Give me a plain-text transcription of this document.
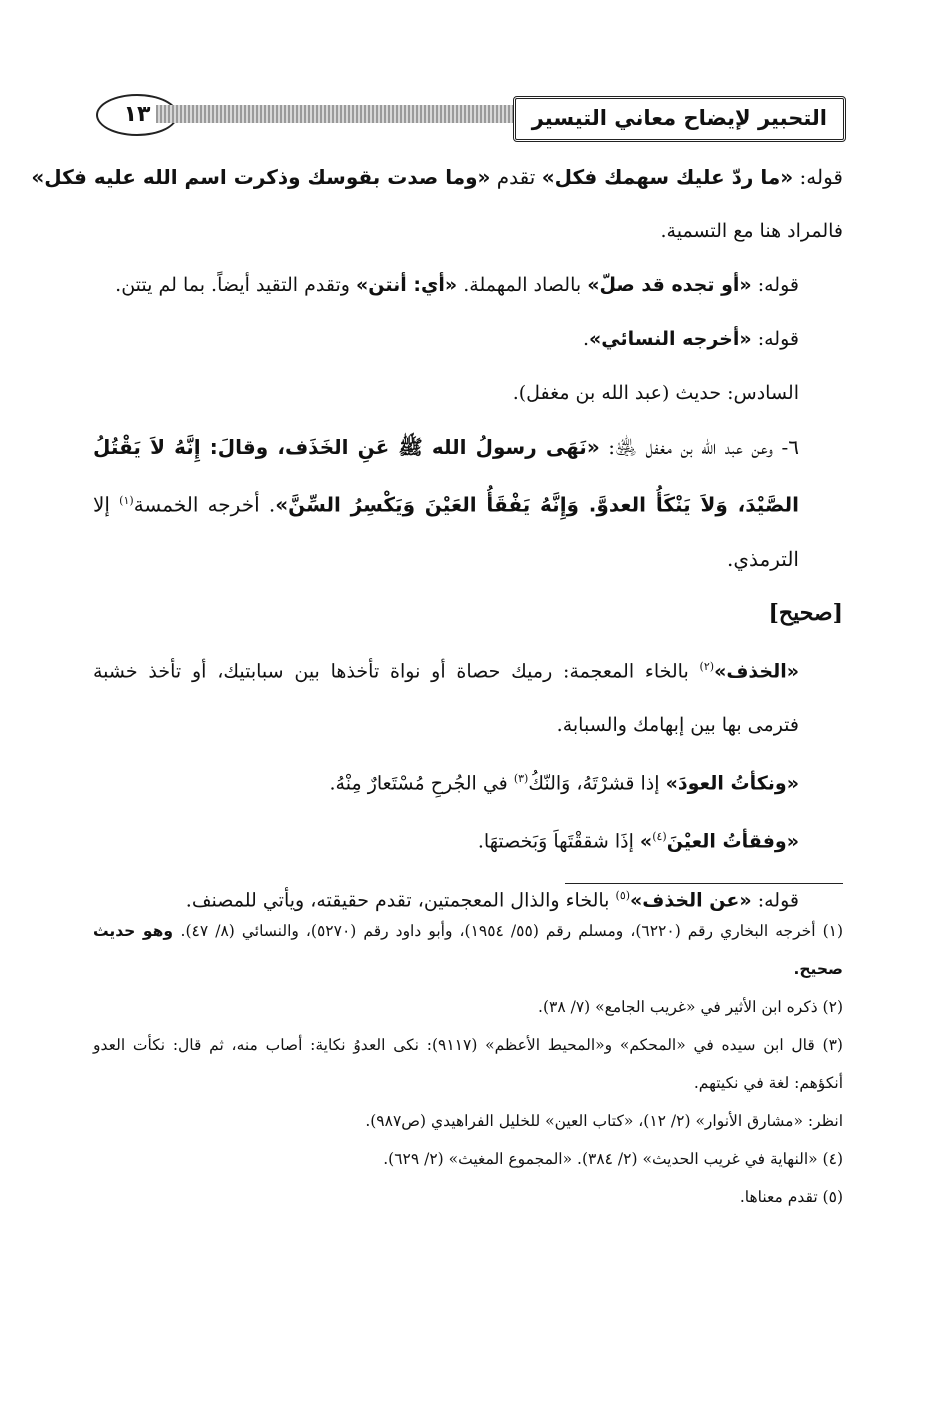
١٣	التحبير لإيضاح معاني التيسير

قوله: «ما ردّ عليك سهمك فكل» تقدم «وما صدت بقوسك وذكرت اسم الله عليه فكل»

فالمراد هنا مع التسمية.

قوله: «أو تجده قد صلّ» بالصاد المهملة. «أي: أنتن» وتقدم التقيد أيضاً. بما لم يتتن.

قوله: «أخرجه النسائي».

السادس: حديث (عبد الله بن مغفل).

٦- وعن عبد الله بن مغفل ﵁: «نَهَى رسولُ الله ﷺ عَنِ الخَذَف، وقالَ: إِنَّهُ لاَ يَقْتُلُ الصَّيْدَ، وَلاَ يَنْكَأُ العدوَّ. وَإِنَّهُ يَفْقَأُ العَيْنَ وَيَكْسِرُ السِّنَّ». أخرجه الخمسة$^{(١)}$ إلا الترمذي.

[صحيح]

«الخذف»$^{(٢)}$ بالخاء المعجمة: رميك حصاة أو نواة تأخذها بين سبابتيك، أو تأخذ خشبة فترمى بها بين إبهامك والسبابة.

«ونكأتُ العودَ» إذا قشرْتَهُ، وَالنّكُ$^{(٣)}$ في الجُرحِ مُسْتَعارٌ مِنْهُ.

«وفقأتُ العيْنَ$^{(٤)}$» إذَا شققْتَهاَ وَبَخصتهَا.

قوله: «عن الخذف»$^{(٥)}$ بالخاء والذال المعجمتين، تقدم حقيقته، ويأتي للمصنف.

(١) أخرجه البخاري رقم (٦٢٢٠)، ومسلم رقم (٥٥/ ١٩٥٤)، وأبو داود رقم (٥٢٧٠)، والنسائي (٨/ ٤٧). وهو حديث صحيح.

(٢) ذكره ابن الأثير في «غريب الجامع» (٧/ ٣٨).

(٣) قال ابن سيده في «المحكم» و«المحيط الأعظم» (٩١١٧): نكى العدوُ نكاية: أصاب منه، ثم قال: نكأت العدو أنكؤهم: لغة في نكيتهم.

انظر: «مشارق الأنوار» (٢/ ١٢)، «كتاب العين» للخليل الفراهيدي (ص٩٨٧).

(٤) «النهاية في غريب الحديث» (٢/ ٣٨٤). «المجموع المغيث» (٢/ ٦٢٩).

(٥) تقدم معناها.
